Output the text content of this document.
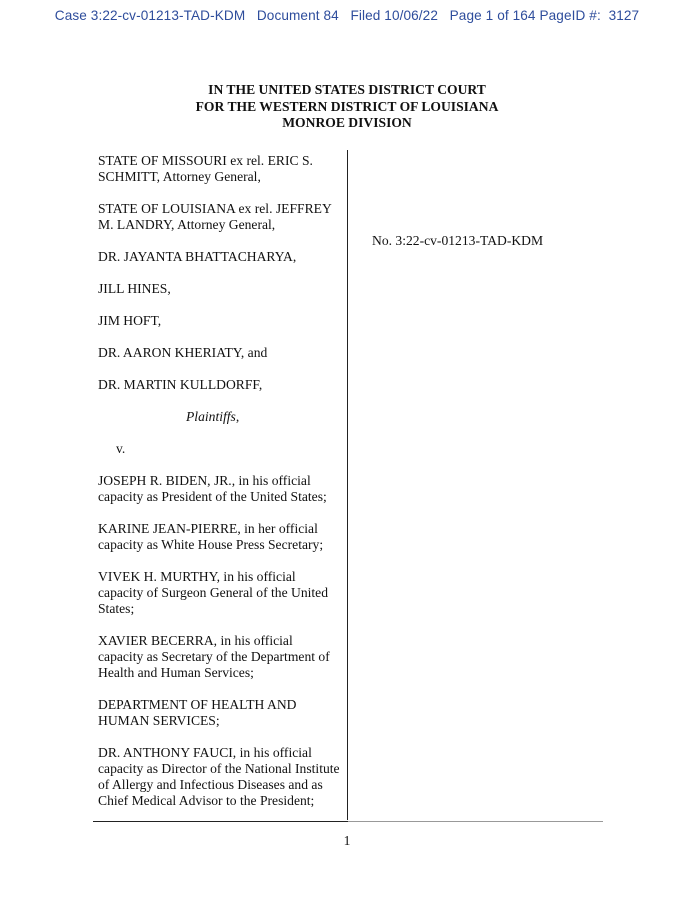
Case 3:22-cv-01213-TAD-KDM   Document 84   Filed 10/06/22   Page 1 of 164 PageID #:  3127
IN THE UNITED STATES DISTRICT COURT
FOR THE WESTERN DISTRICT OF LOUISIANA
MONROE DIVISION

STATE OF MISSOURI ex rel. ERIC S.
SCHMITT, Attorney General,

STATE OF LOUISIANA ex rel. JEFFREY
M. LANDRY, Attorney General,

DR. JAYANTA BHATTACHARYA,

JILL HINES,

JIM HOFT,

DR. AARON KHERIATY, and

DR. MARTIN KULLDORFF,

Plaintiffs,

v.

JOSEPH R. BIDEN, JR., in his official
capacity as President of the United States;

KARINE JEAN-PIERRE, in her official
capacity as White House Press Secretary;

VIVEK H. MURTHY, in his official
capacity of Surgeon General of the United
States;

XAVIER BECERRA, in his official
capacity as Secretary of the Department of
Health and Human Services;

DEPARTMENT OF HEALTH AND
HUMAN SERVICES;

DR. ANTHONY FAUCI, in his official
capacity as Director of the National Institute
of Allergy and Infectious Diseases and as
Chief Medical Advisor to the President;

No. 3:22-cv-01213-TAD-KDM
1
